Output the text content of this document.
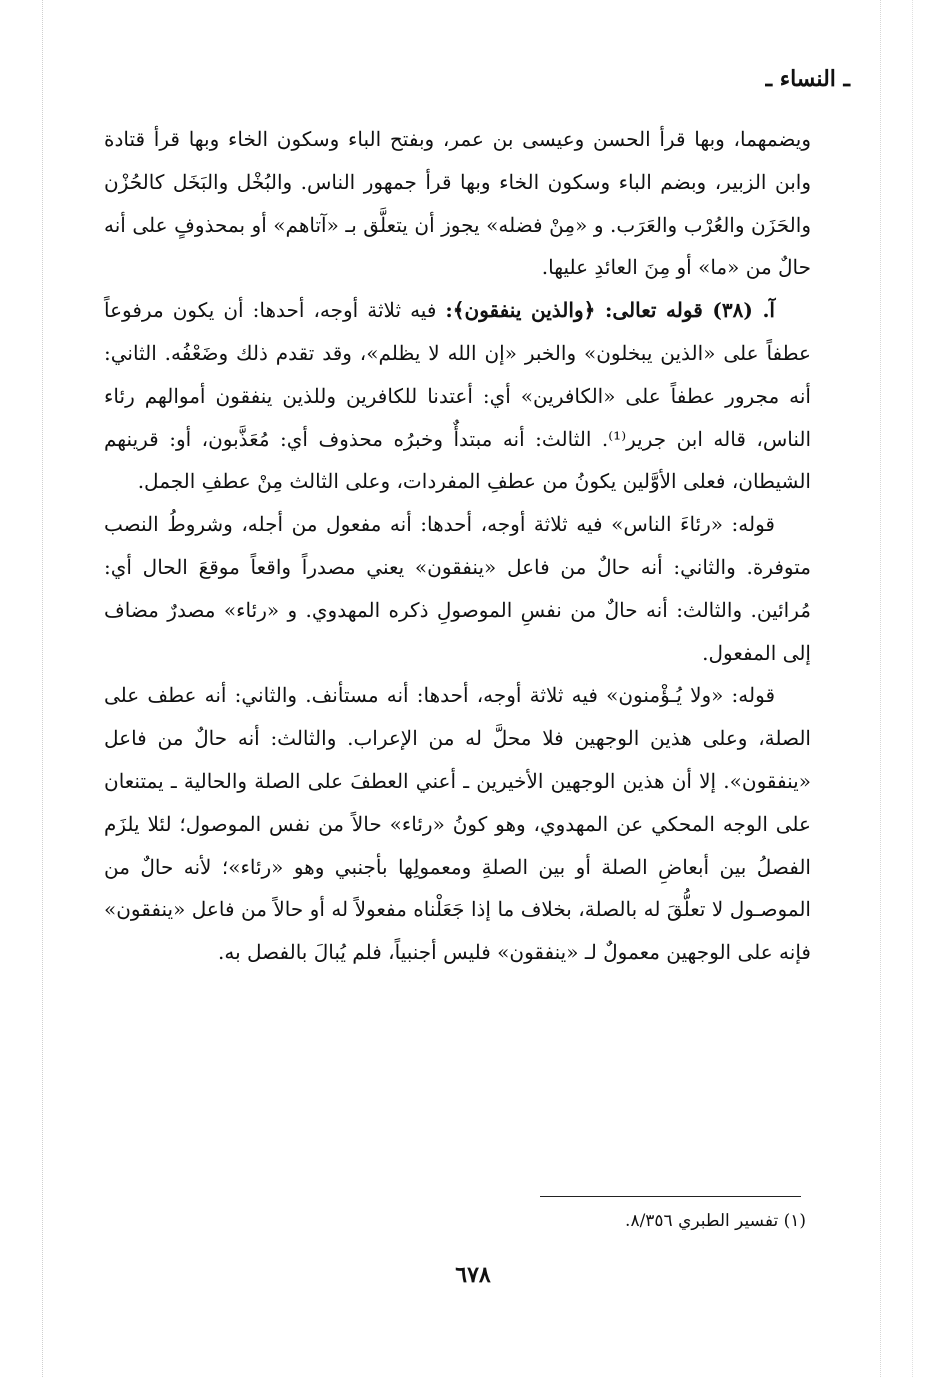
ـ النساء ـ

ويضمهما، وبها قرأ الحسن وعيسى بن عمر، وبفتح الباء وسكون الخاء وبها قرأ قتادة وابن الزبير، وبضم الباء وسكون الخاء وبها قرأ جمهور الناس. والبُخْل والبَخَل كالحُزْن والحَزَن والعُرْب والعَرَب. و «مِنْ فضله» يجوز أن يتعلَّق بـ «آتاهم» أو بمحذوفٍ على أنه حالٌ من «ما» أو مِنَ العائدِ عليها.

آ. (٣٨) قوله تعالى: ﴿والذين ينفقون﴾: فيه ثلاثة أوجه، أحدها: أن يكون مرفوعاً عطفاً على «الذين يبخلون» والخبر «إن الله لا يظلم»، وقد تقدم ذلك وضَعْفُه. الثاني: أنه مجرور عطفاً على «الكافرين» أي: أعتدنا للكافرين وللذين ينفقون أموالهم رئاء الناس، قاله ابن جرير⁽¹⁾. الثالث: أنه مبتدأٌ وخبرُه محذوف أي: مُعَذَّبون، أو: قرينهم الشيطان، فعلى الأوَّلين يكونُ من عطفِ المفردات، وعلى الثالث مِنْ عطفِ الجمل.

قوله: «رئاءَ الناس» فيه ثلاثة أوجه، أحدها: أنه مفعول من أجله، وشروطُ النصب متوفرة. والثاني: أنه حالٌ من فاعل «ينفقون» يعني مصدراً واقعاً موقعَ الحال أي: مُرائين. والثالث: أنه حالٌ من نفسِ الموصولِ ذكره المهدوي. و «رئاء» مصدرٌ مضاف إلى المفعول.

قوله: «ولا يُـؤْمنون» فيه ثلاثة أوجه، أحدها: أنه مستأنف. والثاني: أنه عطف على الصلة، وعلى هذين الوجهين فلا محلَّ له من الإعراب. والثالث: أنه حالٌ من فاعل «ينفقون». إلا أن هذين الوجهين الأخيرين ـ أعني العطفَ على الصلة والحالية ـ يمتنعان على الوجه المحكي عن المهدوي، وهو كونُ «رئاء» حالاً من نفس الموصول؛ لئلا يلزَم الفصلُ بين أبعاضِ الصلة أو بين الصلةِ ومعمولِها بأجنبي وهو «رئاء»؛ لأنه حالٌ من الموصـول لا تعلُّقَ له بالصلة، بخلاف ما إذا جَعَلْناه مفعولاً له أو حالاً من فاعل «ينفقون» فإنه على الوجهين معمولٌ لـ «ينفقون» فليس أجنبياً، فلم يُبالَ بالفصل به.

(١) تفسير الطبري ٨/٣٥٦.
٦٧٨
